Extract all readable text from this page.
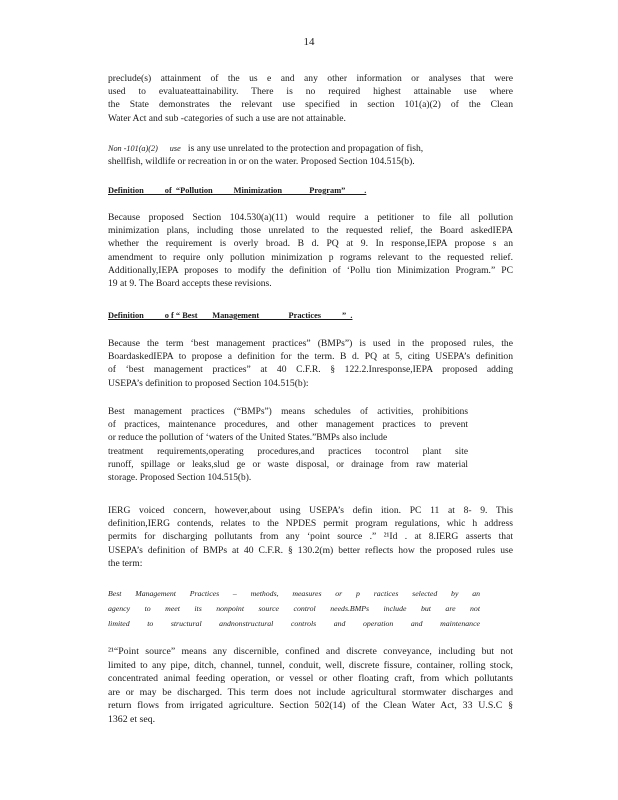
14
preclude(s) attainment of the us e and any other information or analyses that were
used to evaluateattainability. There is no required highest attainable use where
the State demonstrates the relevant use specified in section 101(a)(2) of the Clean
Water Act and sub -categories of such a use are not attainable.
Non -101(a)(2) use is any use unrelated to the protection and propagation of fish,
shellfish, wildlife or recreation in or on the water. Proposed Section 104.515(b).
Definition          of  “Pollution          Minimization             Program”         .
Because proposed Section 104.530(a)(11) would require a petitioner to file all pollution
minimization plans, including those unrelated to the requested relief, the Board askedIEPA
whether the requirement is overly broad. B d. PQ at 9. In response,IEPA propose s an
amendment to require only pollution minimization p rograms relevant to the requested relief.
Additionally,IEPA proposes to modify the definition of ‘Pollu tion Minimization Program.” PC
19 at 9. The Board accepts these revisions.
Definition          o f “ Best       Management              Practices          ”  .
Because the term ‘best management practices” (BMPs”) is used in the proposed rules, the
BoardaskedIEPA to propose a definition for the term. B d. PQ at 5, citing USEPA’s definition
of ‘best management practices” at 40 C.F.R. § 122.2.Inresponse,IEPA proposed adding
USEPA’s definition to proposed Section 104.515(b):
Best management practices (“BMPs”) means schedules of activities, prohibitions
of practices, maintenance procedures, and other management practices to prevent
or reduce the pollution of ‘waters of the United States.”BMPs also include
treatment requirements,operating procedures,and practices tocontrol plant site
runoff, spillage or leaks,slud ge or waste disposal, or drainage from raw material
storage. Proposed Section 104.515(b).
IERG voiced concern, however,about using USEPA’s defin ition. PC 11 at 8- 9. This
definition,IERG contends, relates to the NPDES permit program regulations, whic h address
permits for discharging pollutants from any ‘point source .” ²¹Id . at 8.IERG asserts that
USEPA’s definition of BMPs at 40 C.F.R. § 130.2(m) better reflects how the proposed rules use
the term:
Best Management Practices – methods, measures or p ractices selected by an
agency to meet its nonpoint source control needs.BMPs include but are not
limited to structural andnonstructural controls and operation and maintenance
²¹“Point source” means any discernible, confined and discrete conveyance, including but not
limited to any pipe, ditch, channel, tunnel, conduit, well, discrete fissure, container, rolling stock,
concentrated animal feeding operation, or vessel or other floating craft, from which pollutants
are or may be discharged. This term does not include agricultural stormwater discharges and
return flows from irrigated agriculture. Section 502(14) of the Clean Water Act, 33 U.S.C §
1362 et seq.
